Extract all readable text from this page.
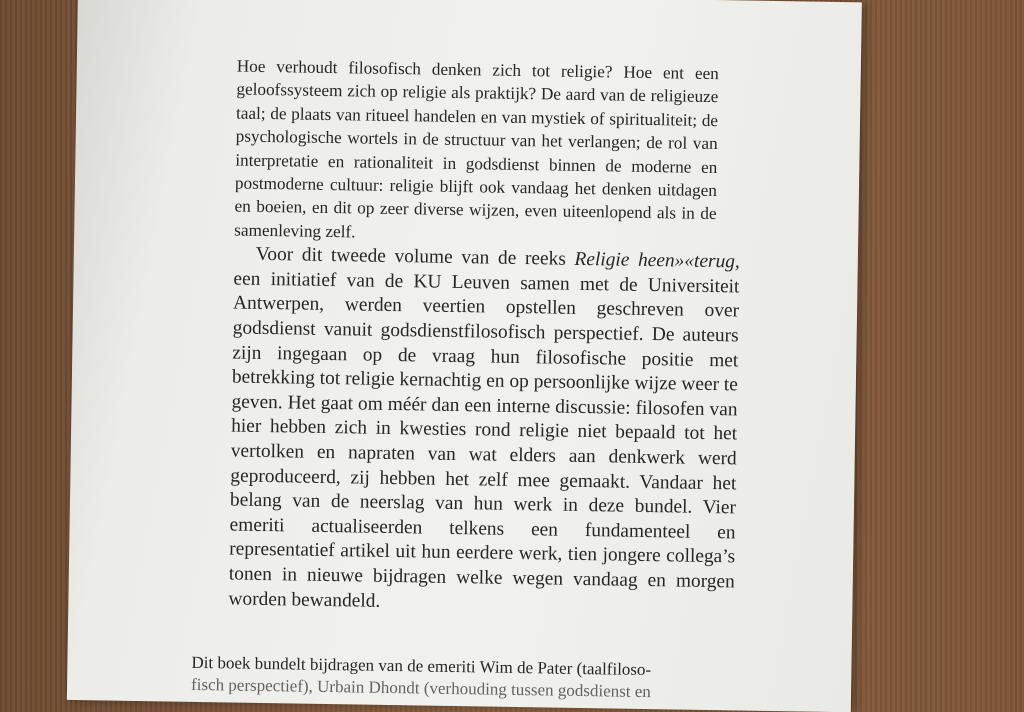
Hoe verhoudt filosofisch denken zich tot religie? Hoe ent een geloofssysteem zich op religie als praktijk? De aard van de religieuze taal; de plaats van ritueel handelen en van mystiek of spiritualiteit; de psychologische wortels in de structuur van het verlangen; de rol van interpretatie en rationaliteit in godsdienst binnen de moderne en postmoderne cultuur: religie blijft ook vandaag het denken uitdagen en boeien, en dit op zeer diverse wijzen, even uiteenlopend als in de samenleving zelf.

Voor dit tweede volume van de reeks Religie heen»«terug, een initiatief van de KU Leuven samen met de Universiteit Antwerpen, werden veertien opstellen geschreven over godsdienst vanuit godsdienstfilosofisch perspectief. De auteurs zijn ingegaan op de vraag hun filosofische positie met betrekking tot religie kernachtig en op persoonlijke wijze weer te geven. Het gaat om méér dan een interne discussie: filosofen van hier hebben zich in kwesties rond religie niet bepaald tot het vertolken en napraten van wat elders aan denkwerk werd geproduceerd, zij hebben het zelf mee gemaakt. Vandaar het belang van de neerslag van hun werk in deze bundel. Vier emeriti actualiseerden telkens een fundamenteel en representatief artikel uit hun eerdere werk, tien jongere collega’s tonen in nieuwe bijdragen welke wegen vandaag en morgen worden bewandeld.

Dit boek bundelt bijdragen van de emeriti Wim de Pater (taalfiloso-

fisch perspectief), Urbain Dhondt (verhouding tussen godsdienst en
